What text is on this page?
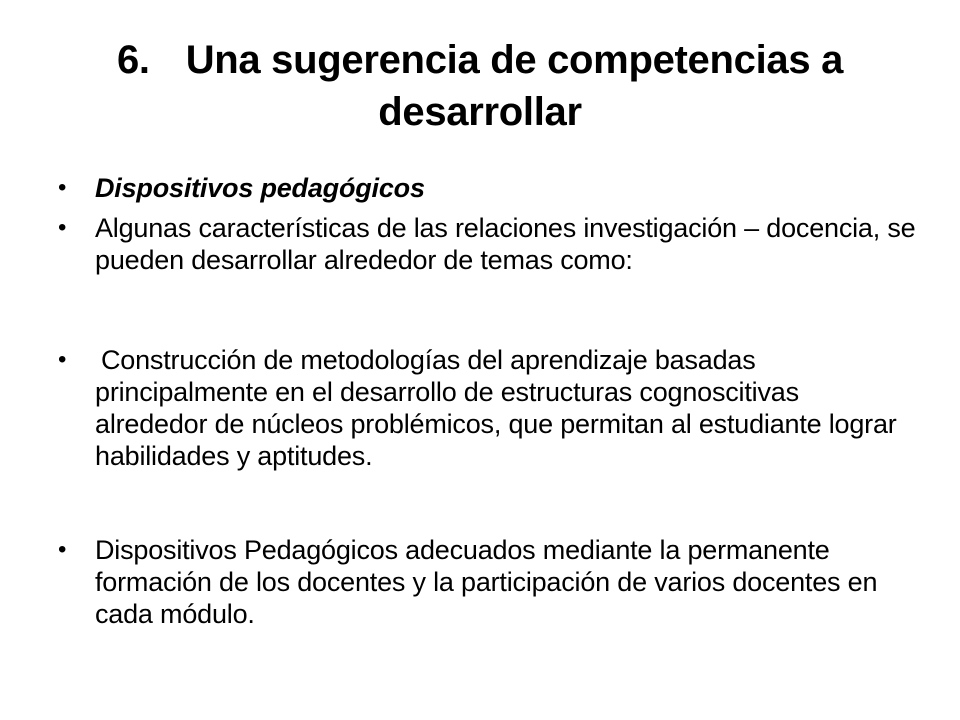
6. Una sugerencia de competencias a desarrollar
• Dispositivos pedagógicos
• Algunas características de las relaciones investigación – docencia, se pueden desarrollar alrededor de temas como:
• Construcción de metodologías del aprendizaje basadas principalmente en el desarrollo de estructuras cognoscitivas alrededor de núcleos problémicos, que permitan al estudiante lograr habilidades y aptitudes.
• Dispositivos Pedagógicos adecuados mediante la permanente formación de los docentes y la participación de varios docentes en cada módulo.
